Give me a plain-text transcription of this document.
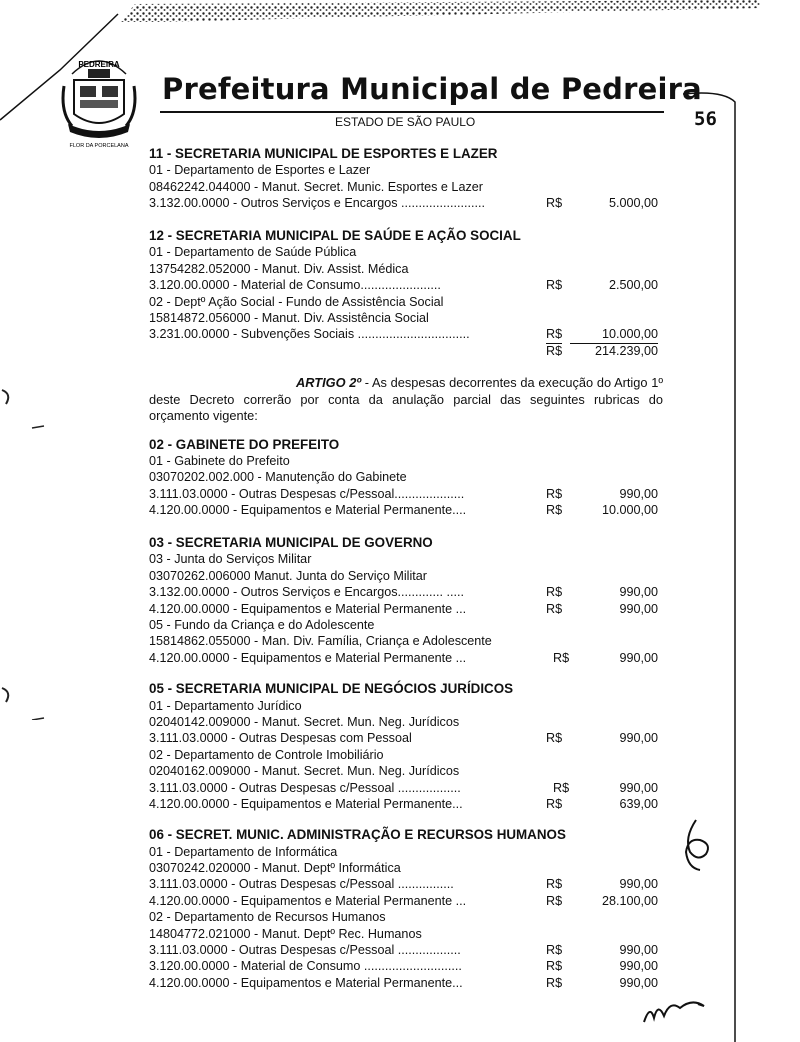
PEDREIRA
FLOR DA PORCELANA
Prefeitura Municipal de Pedreira
ESTADO DE SÃO PAULO	56
11 - SECRETARIA MUNICIPAL DE ESPORTES E LAZER
01 - Departamento de Esportes e Lazer
08462242.044000 - Manut. Secret. Munic. Esportes e Lazer
3.132.00.0000 - Outros Serviços e Encargos ........................	R$	5.000,00
12 - SECRETARIA MUNICIPAL DE SAÚDE E AÇÃO SOCIAL
01 - Departamento de Saúde Pública
13754282.052000 - Manut. Div. Assist. Médica
3.120.00.0000 - Material de Consumo.......................	R$	2.500,00
02 - Deptº Ação Social - Fundo de Assistência Social
15814872.056000 - Manut. Div. Assistência Social
3.231.00.0000 - Subvenções Sociais ................................	R$	10.000,00
R$	214.239,00
ARTIGO 2º - As despesas decorrentes da execução do Artigo 1º deste Decreto correrão por conta da anulação parcial das seguintes rubricas do orçamento vigente:
02 - GABINETE DO PREFEITO
01 - Gabinete do Prefeito
03070202.002.000 - Manutenção do Gabinete
3.111.03.0000 - Outras Despesas c/Pessoal....................	R$	990,00
4.120.00.0000 - Equipamentos e Material Permanente....	R$	10.000,00
03 - SECRETARIA MUNICIPAL DE GOVERNO
03 - Junta do Serviços Militar
03070262.006000 Manut. Junta do Serviço Militar
3.132.00.0000 - Outros Serviços e Encargos............. .....	R$	990,00
4.120.00.0000 - Equipamentos e Material Permanente ...	R$	990,00
05 - Fundo da Criança e do Adolescente
15814862.055000 - Man. Div. Família, Criança e Adolescente
4.120.00.0000 - Equipamentos e Material Permanente ...	R$	990,00
05 - SECRETARIA MUNICIPAL DE NEGÓCIOS JURÍDICOS
01 - Departamento Jurídico
02040142.009000 - Manut. Secret. Mun. Neg. Jurídicos
3.111.03.0000 - Outras Despesas com Pessoal	R$	990,00
02 - Departamento de Controle Imobiliário
02040162.009000 - Manut. Secret. Mun. Neg. Jurídicos
3.111.03.0000 - Outras Despesas c/Pessoal ..................	R$	990,00
4.120.00.0000 - Equipamentos e Material Permanente...	R$	639,00
06 - SECRET. MUNIC. ADMINISTRAÇÃO E RECURSOS HUMANOS
01 - Departamento de Informática
03070242.020000 - Manut. Deptº Informática
3.111.03.0000 - Outras Despesas c/Pessoal ................	R$	990,00
4.120.00.0000 - Equipamentos e Material Permanente ...	R$	28.100,00
02 - Departamento de Recursos Humanos
14804772.021000 - Manut. Deptº Rec. Humanos
3.111.03.0000 - Outras Despesas c/Pessoal ..................	R$	990,00
3.120.00.0000 - Material de Consumo ............................	R$	990,00
4.120.00.0000 - Equipamentos e Material Permanente...	R$	990,00
